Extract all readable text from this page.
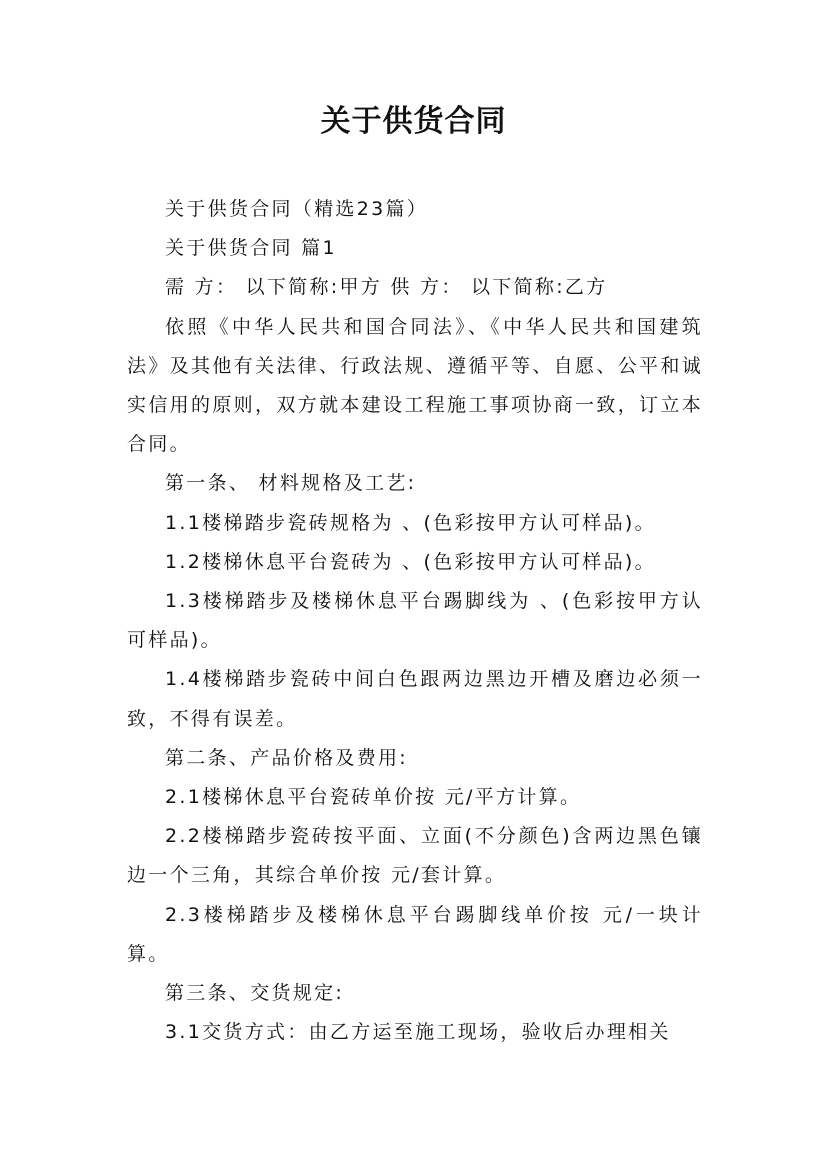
关于供货合同

关于供货合同（精选23篇）

关于供货合同 篇1

需 方： 以下简称:甲方 供 方： 以下简称:乙方

依照《中华人民共和国合同法》、《中华人民共和国建筑法》及其他有关法律、行政法规、遵循平等、自愿、公平和诚实信用的原则，双方就本建设工程施工事项协商一致，订立本合同。

第一条、 材料规格及工艺:

1.1楼梯踏步瓷砖规格为 、(色彩按甲方认可样品)。

1.2楼梯休息平台瓷砖为 、(色彩按甲方认可样品)。

1.3楼梯踏步及楼梯休息平台踢脚线为 、(色彩按甲方认可样品)。

1.4楼梯踏步瓷砖中间白色跟两边黑边开槽及磨边必须一致，不得有误差。

第二条、产品价格及费用:

2.1楼梯休息平台瓷砖单价按 元/平方计算。

2.2楼梯踏步瓷砖按平面、立面(不分颜色)含两边黑色镶边一个三角，其综合单价按 元/套计算。

2.3楼梯踏步及楼梯休息平台踢脚线单价按 元/一块计算。

第三条、交货规定:

3.1交货方式：由乙方运至施工现场，验收后办理相关
